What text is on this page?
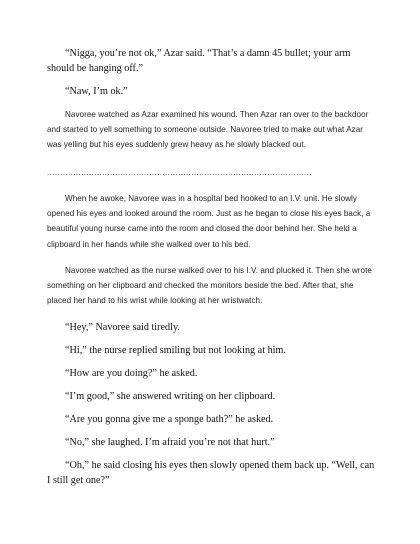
“Nigga, you’re not ok,” Azar said. “That’s a damn 45 bullet; your arm should be hanging off.”

“Naw, I’m ok.”

Navoree watched as Azar examined his wound. Then Azar ran over to the backdoor and started to yell something to someone outside. Navoree tried to make out what Azar was yelling but his eyes suddenly grew heavy as he slowly blacked out.

.....................................................................................................

When he awoke, Navoree was in a hospital bed hooked to an I.V. unit. He slowly opened his eyes and looked around the room. Just as he began to close his eyes back, a beautiful young nurse came into the room and closed the door behind her. She held a clipboard in her hands while she walked over to his bed.

Navoree watched as the nurse walked over to his I.V. and plucked it. Then she wrote something on her clipboard and checked the monitors beside the bed. After that, she placed her hand to his wrist while looking at her wristwatch.

“Hey,” Navoree said tiredly.

“Hi,” the nurse replied smiling but not looking at him.

“How are you doing?” he asked.

“I’m good,” she answered writing on her clipboard.

“Are you gonna give me a sponge bath?” he asked.

“No,” she laughed. I’m afraid you’re not that hurt.”

“Oh,” he said closing his eyes then slowly opened them back up. “Well, can I still get one?”
